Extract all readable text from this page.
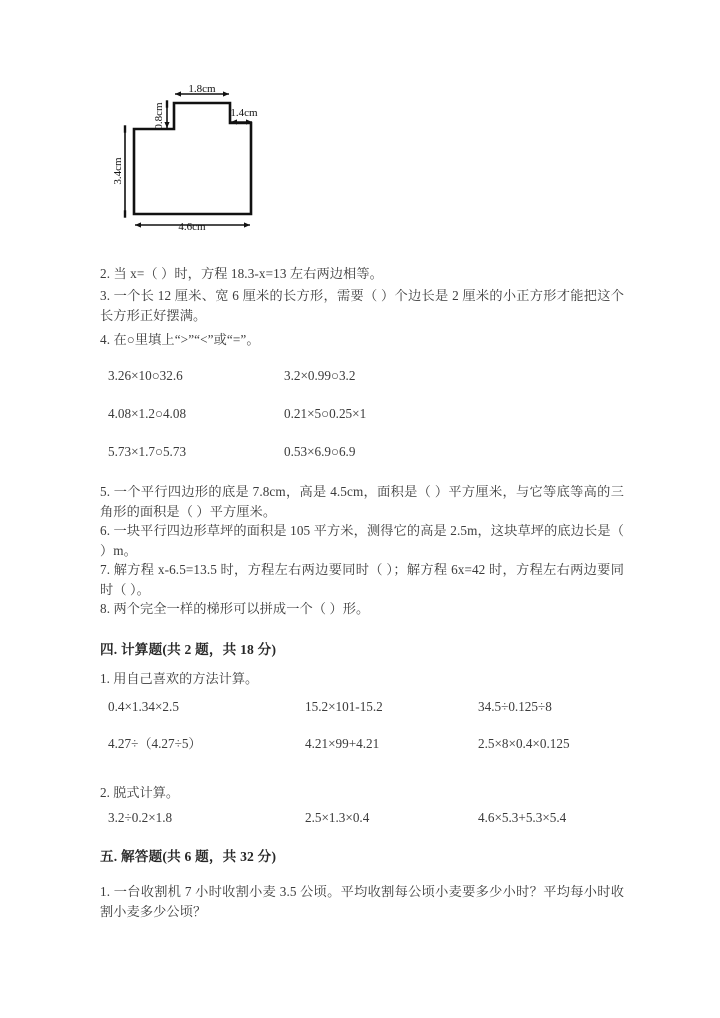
1.8cm
0.8cm	1.4cm
3.4cm
4.6cm
2. 当 x=（ ）时，方程 18.3-x=13 左右两边相等。
3. 一个长 12 厘米、宽 6 厘米的长方形，需要（ ）个边长是 2 厘米的小正方形才能把这个长方形正好摆满。
4. 在○里填上“>”“<”或“=”。
3.26×10○32.6	3.2×0.99○3.2
4.08×1.2○4.08	0.21×5○0.25×1
5.73×1.7○5.73	0.53×6.9○6.9
5. 一个平行四边形的底是 7.8cm，高是 4.5cm，面积是（ ）平方厘米，与它等底等高的三角形的面积是（ ）平方厘米。
6. 一块平行四边形草坪的面积是 105 平方米，测得它的高是 2.5m，这块草坪的底边长是（ ）m。
7. 解方程 x-6.5=13.5 时，方程左右两边要同时（ ）；解方程 6x=42 时，方程左右两边要同时（ ）。
8. 两个完全一样的梯形可以拼成一个（ ）形。
四. 计算题(共 2 题，共 18 分)
1. 用自己喜欢的方法计算。
0.4×1.34×2.5	15.2×101-15.2	34.5÷0.125÷8
4.27÷（4.27÷5）	4.21×99+4.21	2.5×8×0.4×0.125
2. 脱式计算。
3.2÷0.2×1.8	2.5×1.3×0.4	4.6×5.3+5.3×5.4
五. 解答题(共 6 题，共 32 分)
1. 一台收割机 7 小时收割小麦 3.5 公顷。平均收割每公顷小麦要多少小时？平均每小时收割小麦多少公顷？
